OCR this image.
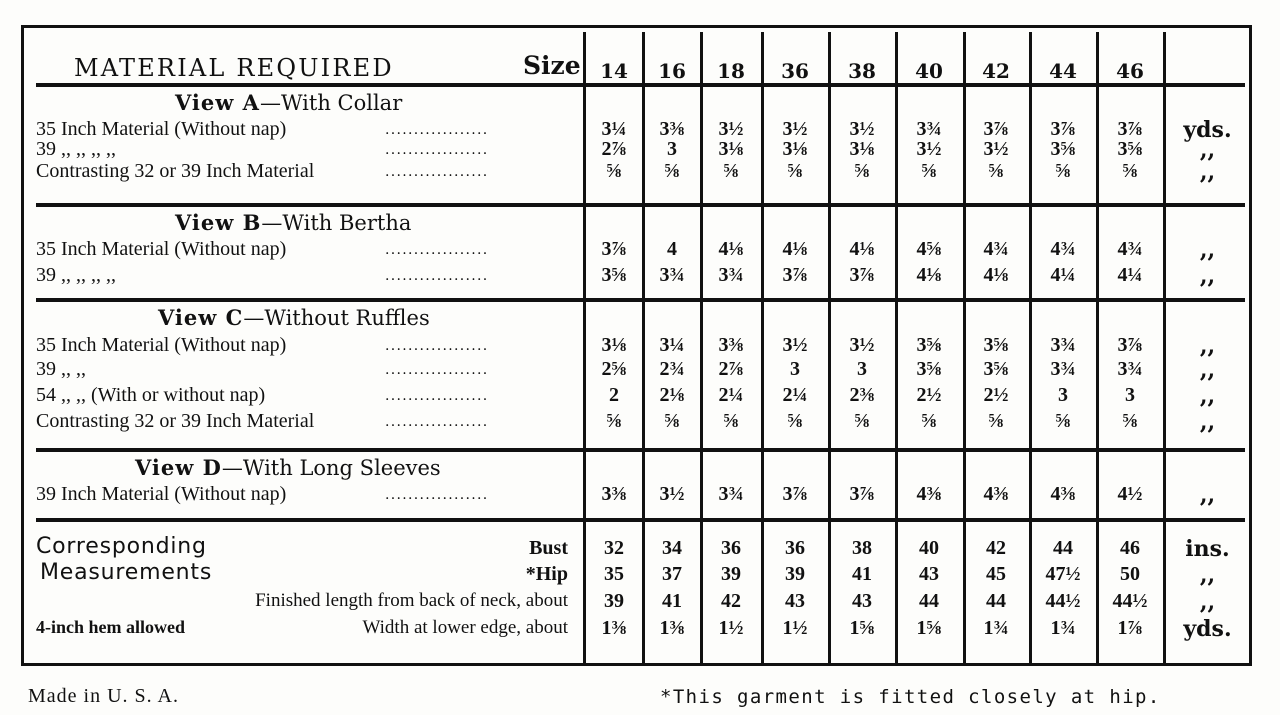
MATERIAL REQUIRED	Size 14	16	18	36	38	40	42	44	46
View A—With Collar
35 Inch Material (Without nap)	..................	3¼	3⅜	3½	3½	3½	3¾	3⅞	3⅞	3⅞	yds.
39 ,, ,, ,, ,,	..................	2⅞	3	3⅛	3⅛	3⅛	3½	3½	3⅝	3⅝	,,
Contrasting 32 or 39 Inch Material	..................	⅝	⅝	⅝	⅝	⅝	⅝	⅝	⅝	⅝	,,
View B—With Bertha
35 Inch Material (Without nap)	..................	3⅞	4	4⅛	4⅛	4⅛	4⅝	4¾	4¾	4¾	,,
39 ,, ,, ,, ,,	..................	3⅝	3¾	3¾	3⅞	3⅞	4⅛	4⅛	4¼	4¼	,,
View C—Without Ruffles
35 Inch Material (Without nap)	..................	3⅛	3¼	3⅜	3½	3½	3⅝	3⅝	3¾	3⅞	,,
39 ,, ,,	..................	2⅝	2¾	2⅞	3	3	3⅝	3⅝	3¾	3¾	,,
54 ,, ,, (With or without nap)	..................	2	2⅛	2¼	2¼	2⅜	2½	2½	3	3	,,
Contrasting 32 or 39 Inch Material	..................	⅝	⅝	⅝	⅝	⅝	⅝	⅝	⅝	⅝	,,
View D—With Long Sleeves
39 Inch Material (Without nap)	..................	3⅜	3½	3¾	3⅞	3⅞	4⅜	4⅜	4⅜	4½	,,
Corresponding
Measurements
4-inch hem allowed
Bust	32	34	36	36	38	40	42	44	46	ins.
*Hip	35	37	39	39	41	43	45	47½	50	,,
Finished length from back of neck, about	39	41	42	43	43	44	44	44½	44½	,,
Width at lower edge, about	1⅜	1⅜	1½	1½	1⅝	1⅝	1¾	1¾	1⅞	yds.
Made in U. S. A.	*This garment is fitted closely at hip.
